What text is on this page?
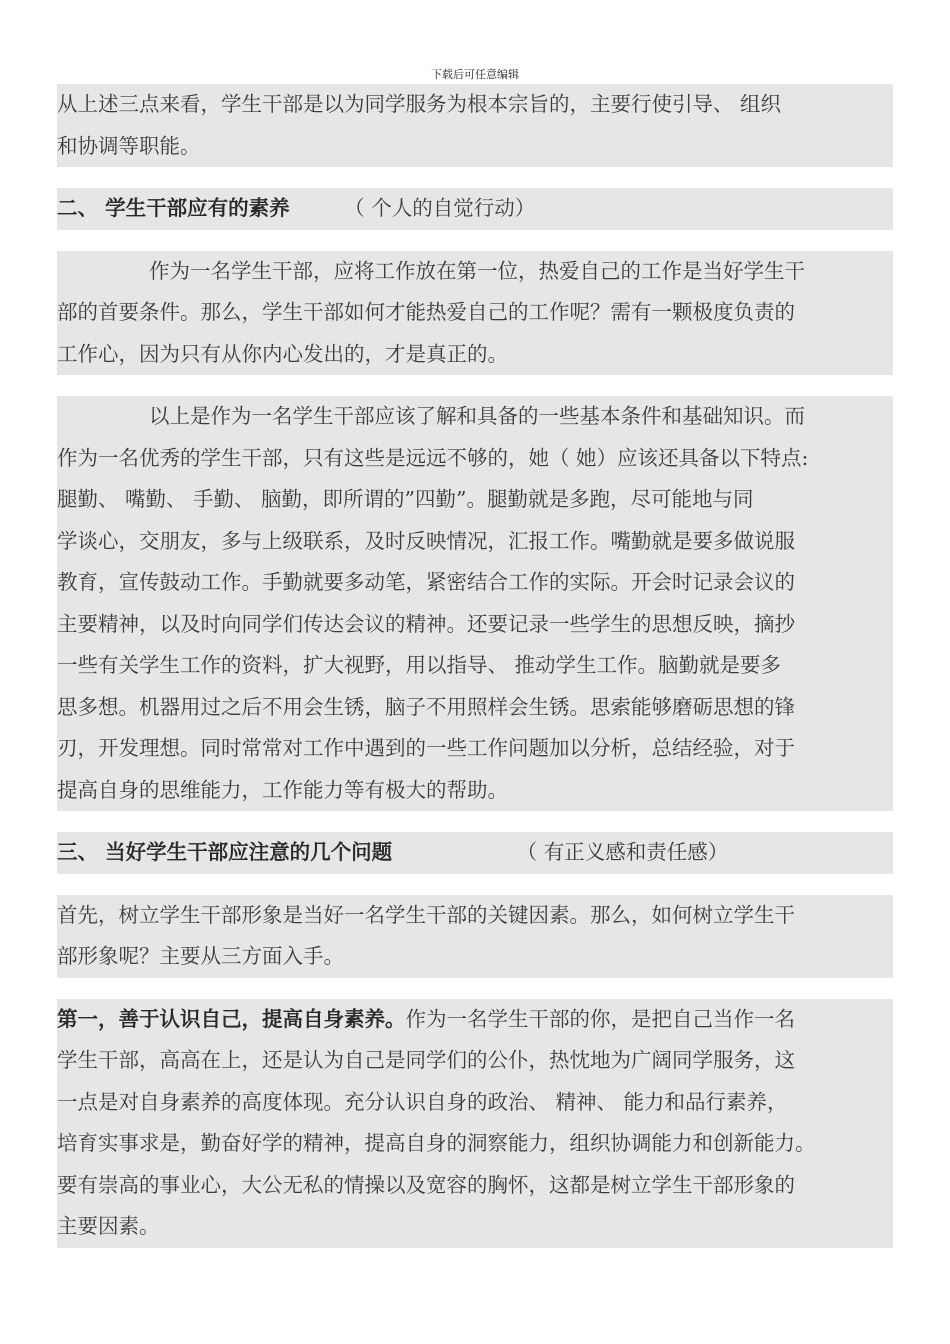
下载后可任意编辑
从上述三点来看，学生干部是以为同学服务为根本宗旨的，主要行使引导、 组织
和协调等职能。
二、 学生干部应有的素养	（ 个人的自觉行动）
作为一名学生干部，应将工作放在第一位，热爱自己的工作是当好学生干
部的首要条件。那么，学生干部如何才能热爱自己的工作呢？需有一颗极度负责的
工作心，因为只有从你内心发出的，才是真正的。
以上是作为一名学生干部应该了解和具备的一些基本条件和基础知识。而
作为一名优秀的学生干部，只有这些是远远不够的，她（ 她）应该还具备以下特点:
腿勤、 嘴勤、 手勤、 脑勤，即所谓的”四勤”。腿勤就是多跑，尽可能地与同
学谈心，交朋友，多与上级联系，及时反映情况，汇报工作。嘴勤就是要多做说服
教育，宣传鼓动工作。手勤就要多动笔，紧密结合工作的实际。开会时记录会议的
主要精神，以及时向同学们传达会议的精神。还要记录一些学生的思想反映，摘抄
一些有关学生工作的资料，扩大视野，用以指导、 推动学生工作。脑勤就是要多
思多想。机器用过之后不用会生锈，脑子不用照样会生锈。思索能够磨砺思想的锋
刃，开发理想。同时常常对工作中遇到的一些工作问题加以分析，总结经验，对于
提高自身的思维能力，工作能力等有极大的帮助。
三、 当好学生干部应注意的几个问题	（ 有正义感和责任感）
首先，树立学生干部形象是当好一名学生干部的关键因素。那么，如何树立学生干
部形象呢？主要从三方面入手。
第一，善于认识自己，提高自身素养。作为一名学生干部的你，是把自己当作一名
学生干部，高高在上，还是认为自己是同学们的公仆，热忱地为广阔同学服务，这
一点是对自身素养的高度体现。充分认识自身的政治、 精神、 能力和品行素养，
培育实事求是，勤奋好学的精神，提高自身的洞察能力，组织协调能力和创新能力。
要有崇高的事业心，大公无私的情操以及宽容的胸怀，这都是树立学生干部形象的
主要因素。
